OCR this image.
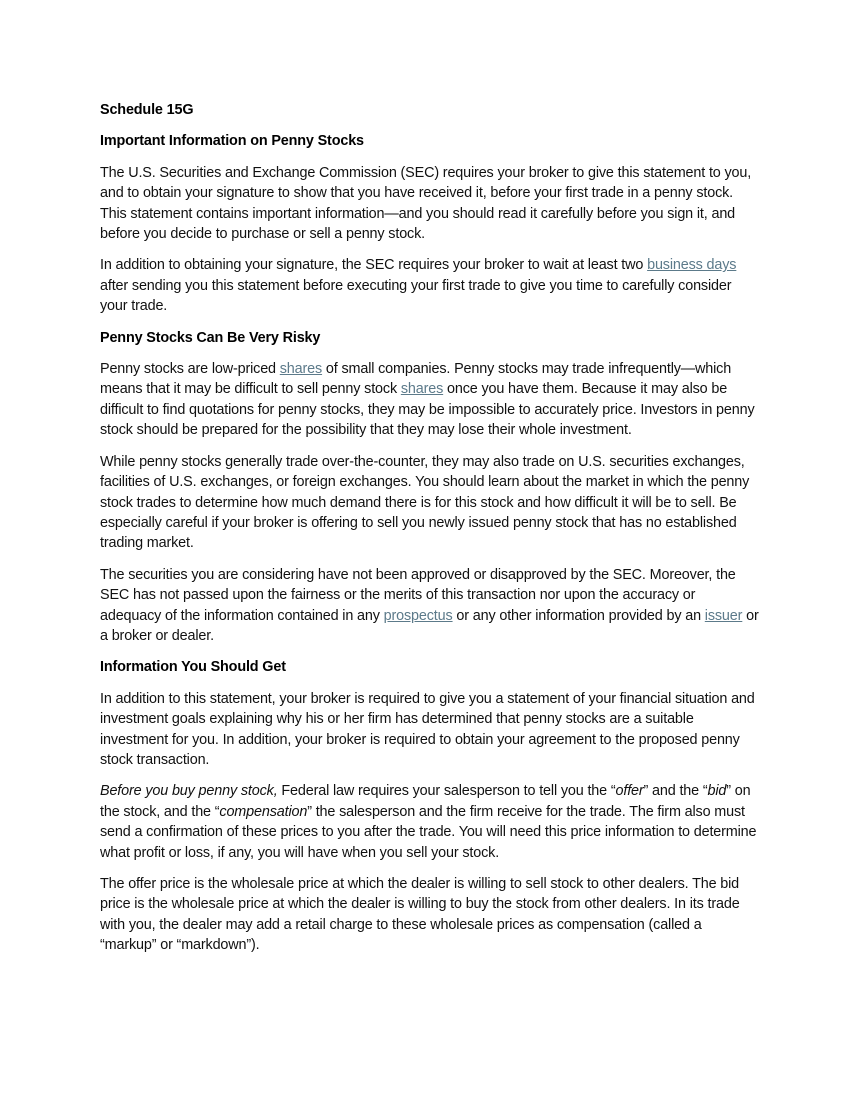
Schedule 15G
Important Information on Penny Stocks

The U.S. Securities and Exchange Commission (SEC) requires your broker to give this statement to you, and to obtain your signature to show that you have received it, before your first trade in a penny stock. This statement contains important information—and you should read it carefully before you sign it, and before you decide to purchase or sell a penny stock.

In addition to obtaining your signature, the SEC requires your broker to wait at least two business days after sending you this statement before executing your first trade to give you time to carefully consider your trade.

Penny Stocks Can Be Very Risky

Penny stocks are low-priced shares of small companies. Penny stocks may trade infrequently—which means that it may be difficult to sell penny stock shares once you have them. Because it may also be difficult to find quotations for penny stocks, they may be impossible to accurately price. Investors in penny stock should be prepared for the possibility that they may lose their whole investment.

While penny stocks generally trade over-the-counter, they may also trade on U.S. securities exchanges, facilities of U.S. exchanges, or foreign exchanges. You should learn about the market in which the penny stock trades to determine how much demand there is for this stock and how difficult it will be to sell. Be especially careful if your broker is offering to sell you newly issued penny stock that has no established trading market.

The securities you are considering have not been approved or disapproved by the SEC. Moreover, the SEC has not passed upon the fairness or the merits of this transaction nor upon the accuracy or adequacy of the information contained in any prospectus or any other information provided by an issuer or a broker or dealer.

Information You Should Get

In addition to this statement, your broker is required to give you a statement of your financial situation and investment goals explaining why his or her firm has determined that penny stocks are a suitable investment for you. In addition, your broker is required to obtain your agreement to the proposed penny stock transaction.

Before you buy penny stock, Federal law requires your salesperson to tell you the “offer” and the “bid” on the stock, and the “compensation” the salesperson and the firm receive for the trade. The firm also must send a confirmation of these prices to you after the trade. You will need this price information to determine what profit or loss, if any, you will have when you sell your stock.

The offer price is the wholesale price at which the dealer is willing to sell stock to other dealers. The bid price is the wholesale price at which the dealer is willing to buy the stock from other dealers. In its trade with you, the dealer may add a retail charge to these wholesale prices as compensation (called a “markup” or “markdown”).
